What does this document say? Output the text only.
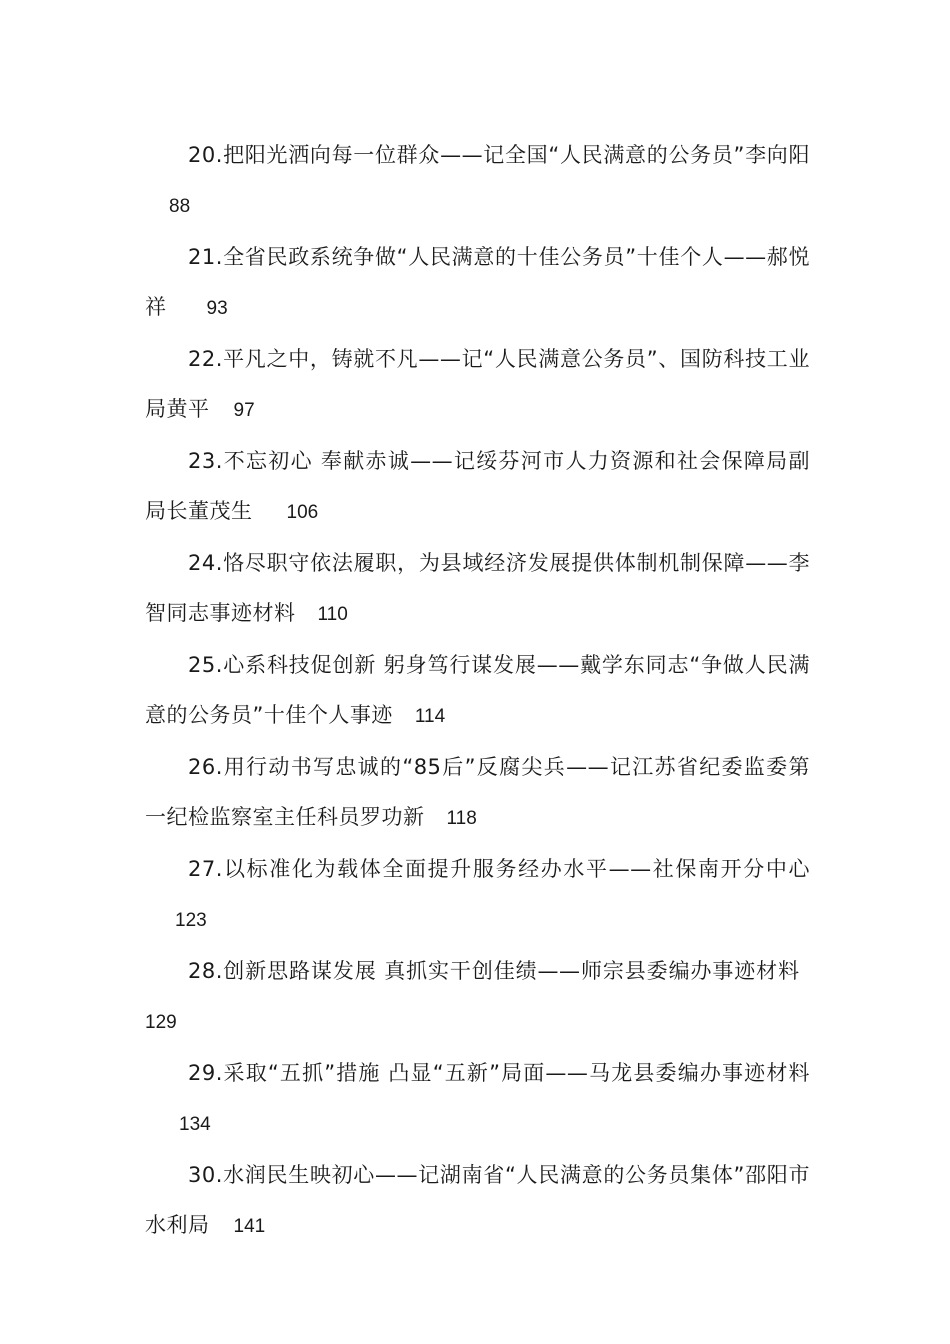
20.把阳光洒向每一位群众——记全国“人民满意的公务员”李向阳88

21.全省民政系统争做“人民满意的十佳公务员”十佳个人——郝悦祥 93

22.平凡之中，铸就不凡——记“人民满意公务员”、国防科技工业局黄平 97

23.不忘初心 奉献赤诚——记绥芬河市人力资源和社会保障局副局长董茂生 106

24.恪尽职守依法履职，为县域经济发展提供体制机制保障——李智同志事迹材料 110

25.心系科技促创新 躬身笃行谋发展——戴学东同志“争做人民满意的公务员”十佳个人事迹 114

26.用行动书写忠诚的“85后”反腐尖兵——记江苏省纪委监委第一纪检监察室主任科员罗功新 118

27.以标准化为载体全面提升服务经办水平——社保南开分中心123

28.创新思路谋发展 真抓实干创佳绩——师宗县委编办事迹材料129

29.采取“五抓”措施 凸显“五新”局面——马龙县委编办事迹材料134

30.水润民生映初心——记湖南省“人民满意的公务员集体”邵阳市水利局 141
